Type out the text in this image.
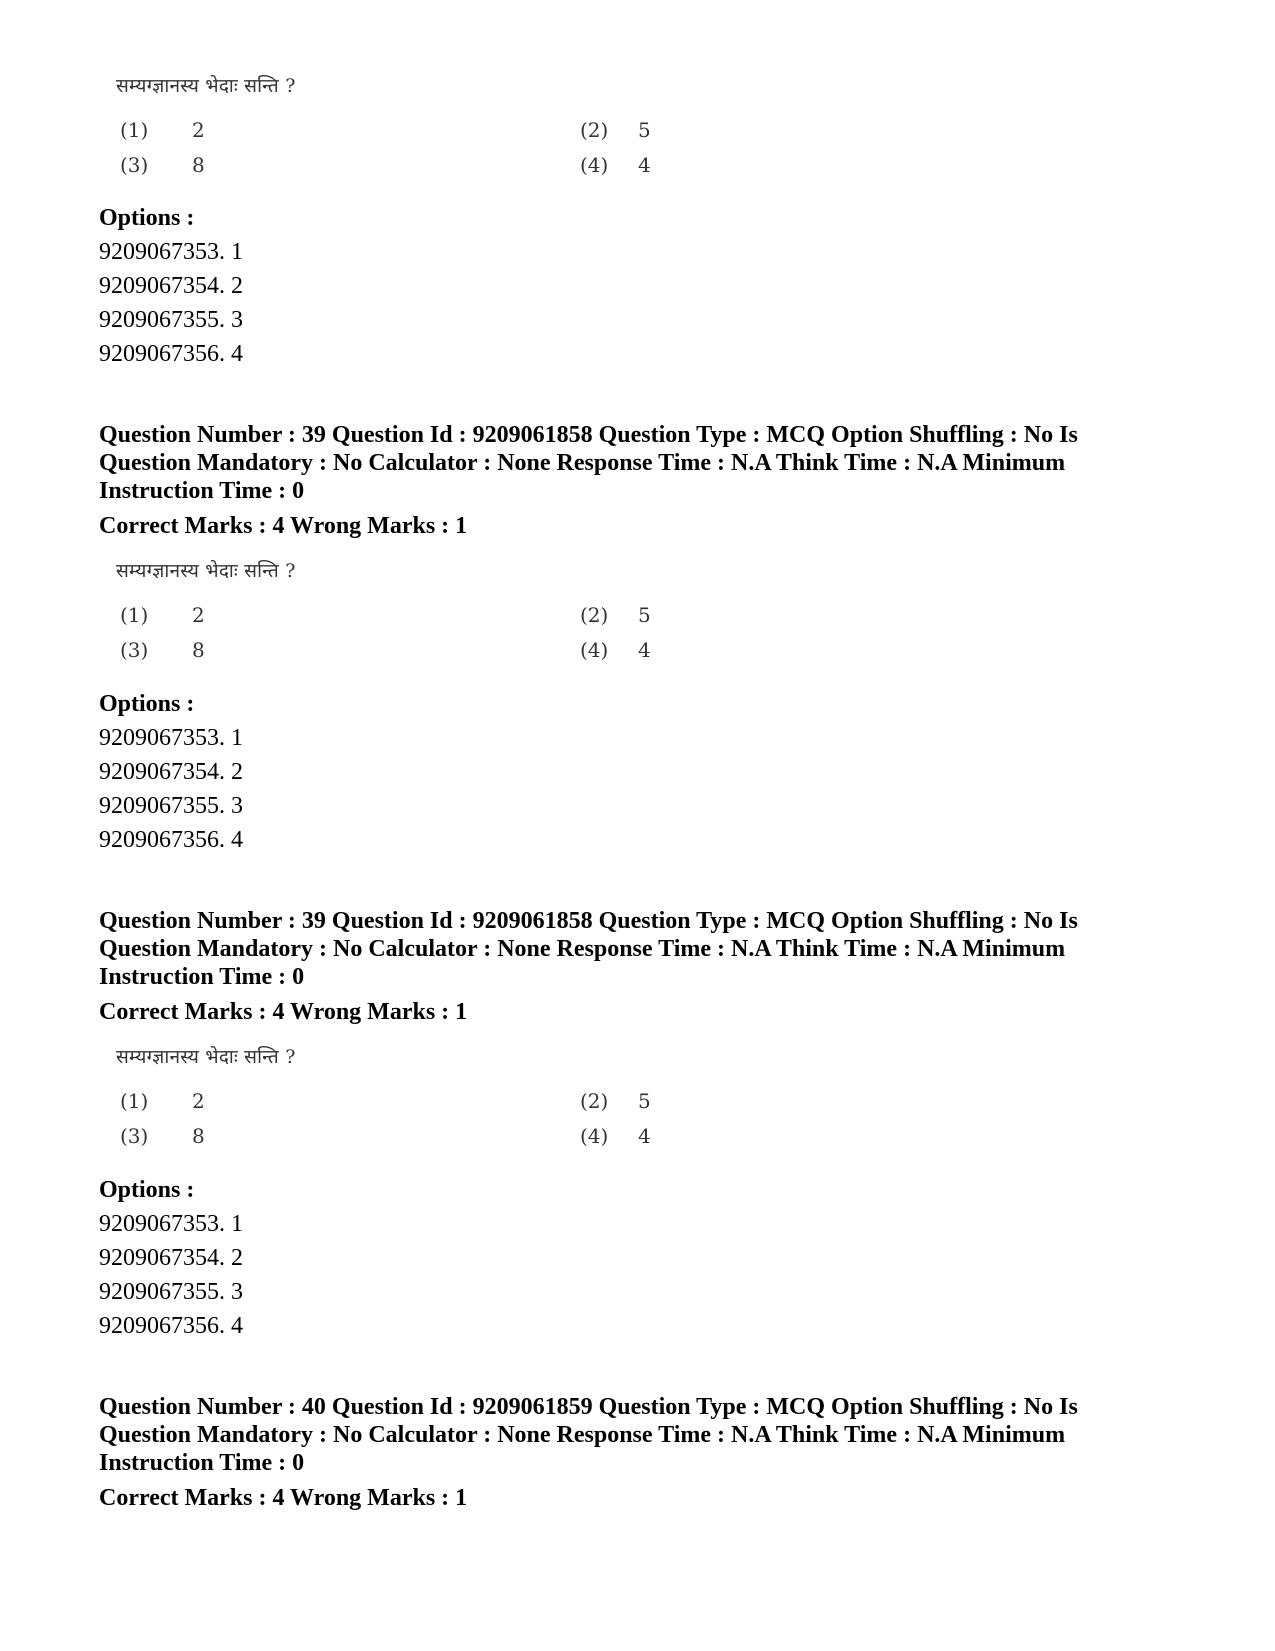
सम्यग्ज्ञानस्य भेदाः सन्ति ?
(1) 2	(2) 5
(3) 8	(4) 4
Options :
9209067353. 1
9209067354. 2
9209067355. 3
9209067356. 4
Question Number : 39 Question Id : 9209061858 Question Type : MCQ Option Shuffling : No Is
Question Mandatory : No Calculator : None Response Time : N.A Think Time : N.A Minimum
Instruction Time : 0
Correct Marks : 4 Wrong Marks : 1
सम्यग्ज्ञानस्य भेदाः सन्ति ?
(1) 2	(2) 5
(3) 8	(4) 4
Options :
9209067353. 1
9209067354. 2
9209067355. 3
9209067356. 4
Question Number : 39 Question Id : 9209061858 Question Type : MCQ Option Shuffling : No Is
Question Mandatory : No Calculator : None Response Time : N.A Think Time : N.A Minimum
Instruction Time : 0
Correct Marks : 4 Wrong Marks : 1
सम्यग्ज्ञानस्य भेदाः सन्ति ?
(1) 2	(2) 5
(3) 8	(4) 4
Options :
9209067353. 1
9209067354. 2
9209067355. 3
9209067356. 4
Question Number : 40 Question Id : 9209061859 Question Type : MCQ Option Shuffling : No Is
Question Mandatory : No Calculator : None Response Time : N.A Think Time : N.A Minimum
Instruction Time : 0
Correct Marks : 4 Wrong Marks : 1
